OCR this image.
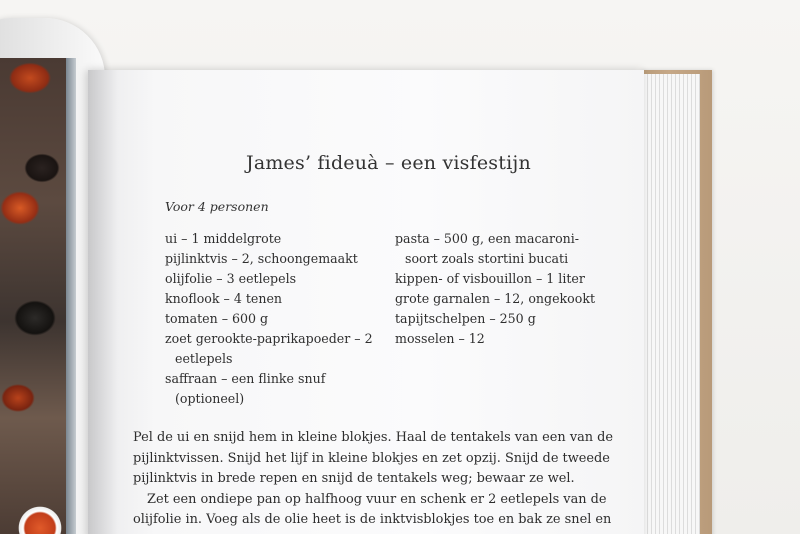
James’ fideuà – een visfestijn
Voor 4 personen
ui – 1 middelgrote
pijlinktvis – 2, schoongemaakt
olijfolie – 3 eetlepels
knoflook – 4 tenen
tomaten – 600 g
zoet gerookte-paprikapoeder – 2
eetlepels
saffraan – een flinke snuf
(optioneel)
pasta – 500 g, een macaroni-
soort zoals stortini bucati
kippen- of visbouillon – 1 liter
grote garnalen – 12, ongekookt
tapijtschelpen – 250 g
mosselen – 12
Pel de ui en snijd hem in kleine blokjes. Haal de tentakels van een van de
pijlinktvissen. Snijd het lijf in kleine blokjes en zet opzij. Snijd de tweede
pijlinktvis in brede repen en snijd de tentakels weg; bewaar ze wel.
Zet een ondiepe pan op halfhoog vuur en schenk er 2 eetlepels van de
olijfolie in. Voeg als de olie heet is de inktvisblokjes toe en bak ze snel en
